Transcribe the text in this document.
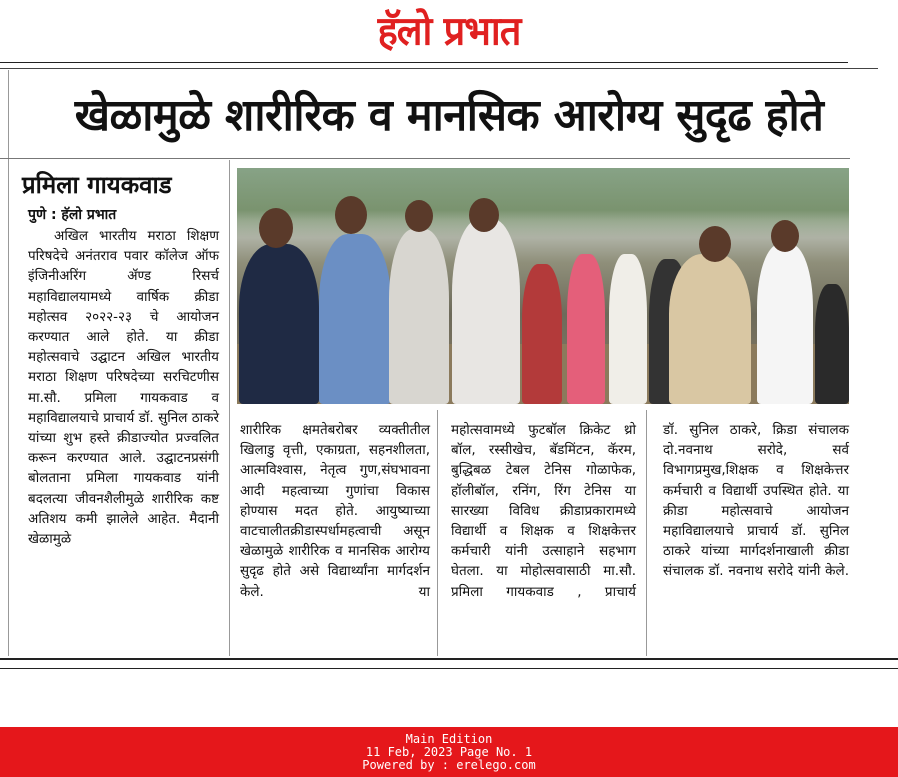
हॅलो प्रभात
खेळामुळे शारीरिक व मानसिक आरोग्य सुदृढ होते
प्रमिला गायकवाड
पुणे : हॅलो प्रभात
अखिल भारतीय मराठा शिक्षण परिषदेचे अनंतराव पवार कॉलेज ऑफ इंजिनीअरिंग ॲण्ड रिसर्च महाविद्यालयामध्ये वार्षिक क्रीडा महोत्सव २०२२-२३ चे आयोजन करण्यात आले होते. या क्रीडा महोत्सवाचे उद्घाटन अखिल भारतीय मराठा शिक्षण परिषदेच्या सरचिटणीस मा.सौ. प्रमिला गायकवाड व महाविद्यालयाचे प्राचार्य डॉ. सुनिल ठाकरे यांच्या शुभ हस्ते क्रीडाज्योत प्रज्वलित करून करण्यात आले. उद्घाटनप्रसंगी बोलताना प्रमिला गायकवाड यांनी बदलत्या जीवनशैलीमुळे शारीरिक कष्ट अतिशय कमी झालेले आहेत. मैदानी खेळामुळे
शारीरिक क्षमतेबरोबर व्यक्तीतील खिलाडु वृत्ती, एकाग्रता, सहनशीलता, आत्मविश्वास, नेतृत्व गुण,संघभावना आदी महत्वाच्या गुणांचा विकास होण्यास मदत होते. आयुष्याच्या वाटचालीतक्रीडास्पर्धामहत्वाची असून खेळामुळे शारीरिक व मानसिक आरोग्य सुदृढ होते असे विद्यार्थ्यांना मार्गदर्शन केले. या
महोत्सवामध्ये फुटबॉल क्रिकेट थ्रो बॉल, रस्सीखेच, बॅडमिंटन, कॅरम, बुद्धिबळ टेबल टेनिस गोळाफेक, हॉलीबॉल, रनिंग, रिंग टेनिस या सारख्या विविध क्रीडाप्रकारामध्ये विद्यार्थी व शिक्षक व शिक्षकेत्तर कर्मचारी यांनी उत्साहाने सहभाग घेतला. या मोहोत्सवासाठी मा.सौ. प्रमिला गायकवाड , प्राचार्य
डॉ. सुनिल ठाकरे, क्रिडा संचालक दो.नवनाथ सरोदे, सर्व विभागप्रमुख,शिक्षक व शिक्षकेत्तर कर्मचारी व विद्यार्थी उपस्थित होते. या क्रीडा महोत्सवाचे आयोजन महाविद्यालयाचे प्राचार्य डॉ. सुनिल ठाकरे यांच्या मार्गदर्शनाखाली क्रीडा संचालक डॉ. नवनाथ सरोदे यांनी केले.
Main Edition
11 Feb, 2023 Page No. 1
Powered by : erelego.com
